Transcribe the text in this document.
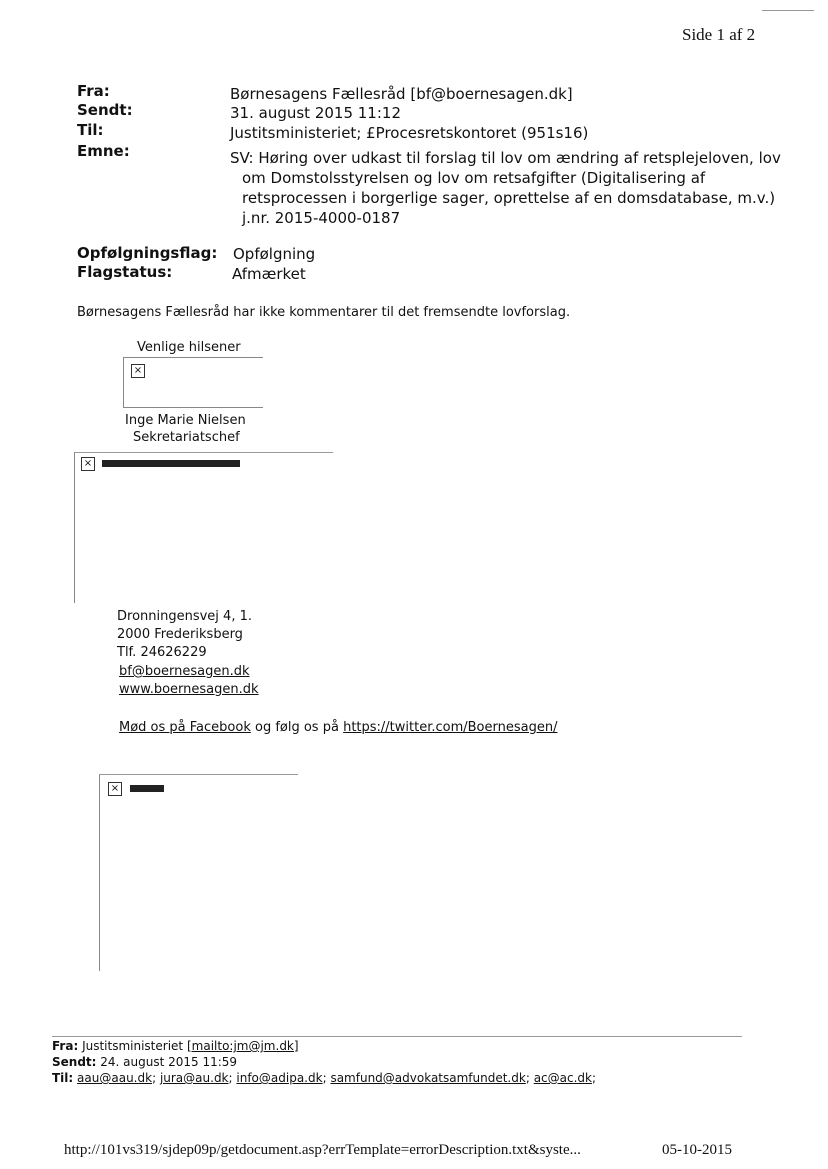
Side 1 af 2
Fra:	Børnesagens Fællesråd [bf@boernesagen.dk]
Sendt:	31. august 2015 11:12
Til:	Justitsministeriet; £Procesretskontoret (951s16)
Emne:	SV: Høring over udkast til forslag til lov om ændring af retsplejeloven, lov om Domstolsstyrelsen og lov om retsafgifter (Digitalisering af retsprocessen i borgerlige sager, oprettelse af en domsdatabase, m.v.) j.nr. 2015-4000-0187
Opfølgningsflag: Opfølgning
Flagstatus:	Afmærket
Børnesagens Fællesråd har ikke kommentarer til det fremsendte lovforslag.
Venlige hilsener
×
Inge Marie Nielsen
Sekretariatschef
×
Dronningensvej 4, 1.
2000 Frederiksberg
Tlf. 24626229
bf@boernesagen.dk
www.boernesagen.dk
Mød os på Facebook og følg os på https://twitter.com/Boernesagen/
×
Fra: Justitsministeriet [mailto:jm@jm.dk]
Sendt: 24. august 2015 11:59
Til: aau@aau.dk; jura@au.dk; info@adipa.dk; samfund@advokatsamfundet.dk; ac@ac.dk;
http://101vs319/sjdep09p/getdocument.asp?errTemplate=errorDescription.txt&syste...	05-10-2015
